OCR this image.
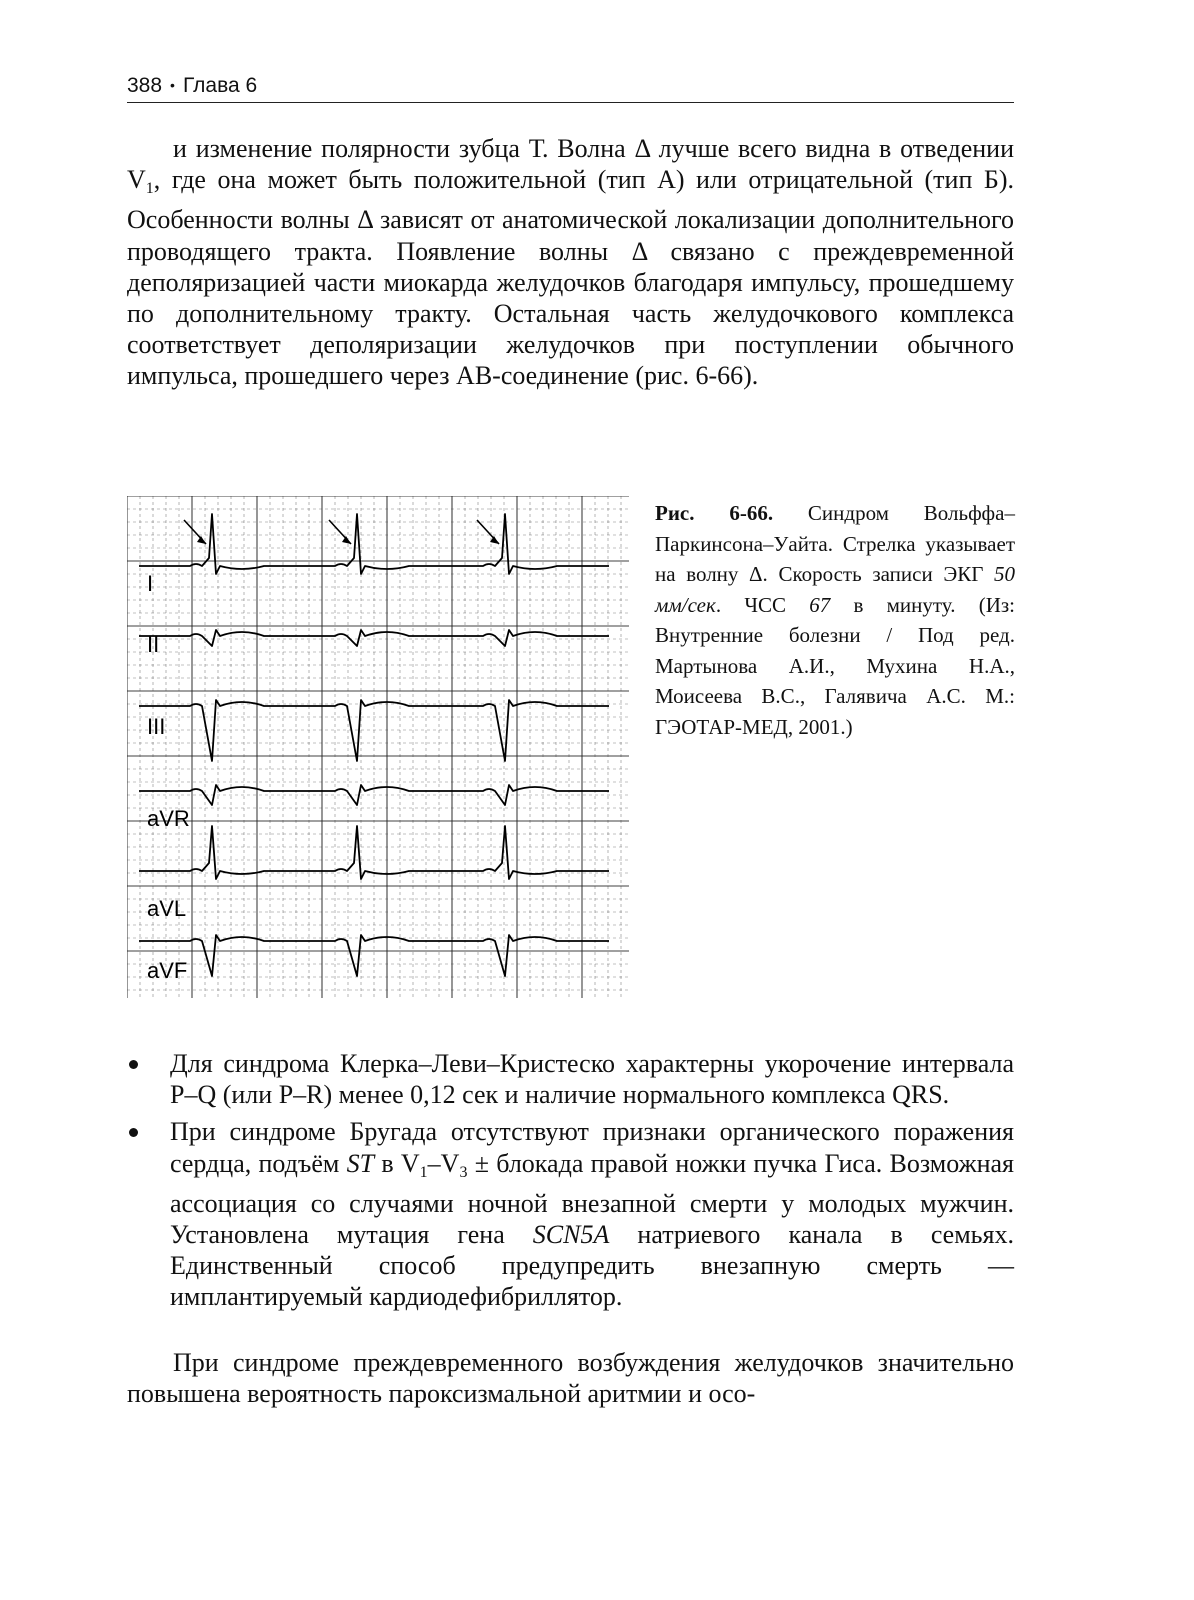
388 • Глава 6

и изменение полярности зубца Т. Волна Δ лучше всего видна в отведении $V_1$, где она может быть положительной (тип А) или отрицательной (тип Б). Особенности волны Δ зависят от анатомической локализации дополнительного проводящего тракта. Появление волны Δ связано с преждевременной деполяризацией части миокарда желудочков благодаря импульсу, прошедшему по дополнительному тракту. Остальная часть желудочкового комплекса соответствует деполяризации желудочков при поступлении обычного импульса, прошедшего через АВ-соединение (рис. 6-66).

I
II
III
aVR
aVL
aVF

Рис. 6-66. Синдром Вольффа–Паркинсона–Уайта. Стрелка указывает на волну Δ. Скорость записи ЭКГ 50 мм/сек. ЧСС 67 в минуту. (Из: Внутренние болезни / Под ред. Мартынова А.И., Мухина Н.А., Моисеева В.С., Галявича А.С. М.: ГЭОТАР-МЕД, 2001.)

Для синдрома Клерка–Леви–Кристеско характерны укорочение интервала P–Q (или P–R) менее 0,12 сек и наличие нормального комплекса QRS.
При синдроме Бругада отсутствуют признаки органического поражения сердца, подъём ST в V1–V3 ± блокада правой ножки пучка Гиса. Возможная ассоциация со случаями ночной внезапной смерти у молодых мужчин. Установлена мутация гена SCN5A натриевого канала в семьях. Единственный способ предупредить внезапную смерть — имплантируемый кардиодефибриллятор.

При синдроме преждевременного возбуждения желудочков значительно повышена вероятность пароксизмальной аритмии и осо-
